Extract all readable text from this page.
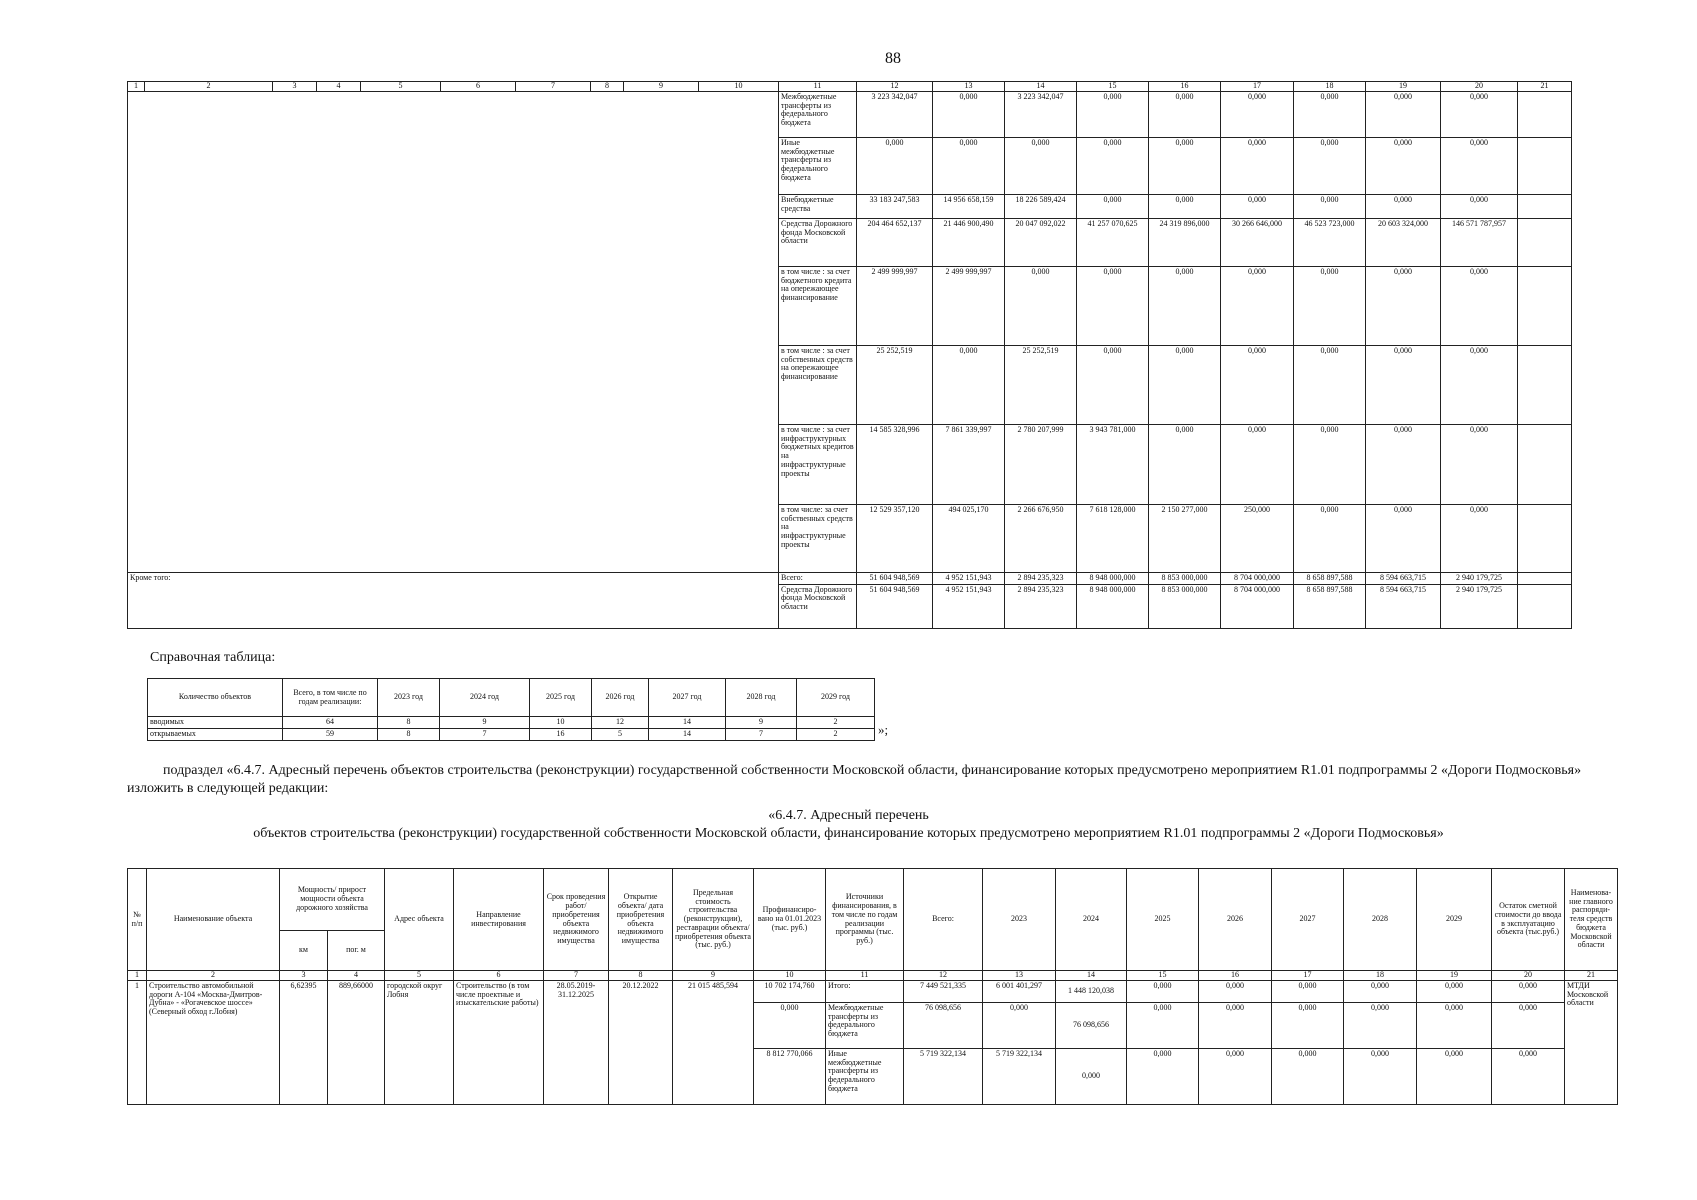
88
1	2	3	4	5	6	7	8	9	10	11	12	13	14	15	16	17	18	19	20	21
										Межбюджетные трансферты из федерального бюджета	3 223 342,047	0,000	3 223 342,047	0,000	0,000	0,000	0,000	0,000	0,000	
										Иные межбюджетные трансферты из федерального бюджета	0,000	0,000	0,000	0,000	0,000	0,000	0,000	0,000	0,000	
										Внебюджетные средства	33 183 247,583	14 956 658,159	18 226 589,424	0,000	0,000	0,000	0,000	0,000	0,000	
										Средства Дорожного фонда Московской области	204 464 652,137	21 446 900,490	20 047 092,022	41 257 070,625	24 319 896,000	30 266 646,000	46 523 723,000	20 603 324,000	146 571 787,957	
										в том числе : за счет бюджетного кредита на опережающее финансирование	2 499 999,997	2 499 999,997	0,000	0,000	0,000	0,000	0,000	0,000	0,000	
										в том числе : за счет собственных средств на опережающее финансирование	25 252,519	0,000	25 252,519	0,000	0,000	0,000	0,000	0,000	0,000	
										в том числе : за счет инфраструктурных бюджетных кредитов на инфраструктурные проекты	14 585 328,996	7 861 339,997	2 780 207,999	3 943 781,000	0,000	0,000	0,000	0,000	0,000	
										в том числе: за счет собственных средств на инфраструктурные проекты	12 529 357,120	494 025,170	2 266 676,950	7 618 128,000	2 150 277,000	250,000	0,000	0,000	0,000	
Кроме того:										Всего:	51 604 948,569	4 952 151,943	2 894 235,323	8 948 000,000	8 853 000,000	8 704 000,000	8 658 897,588	8 594 663,715	2 940 179,725	
										Средства Дорожного фонда Московской области	51 604 948,569	4 952 151,943	2 894 235,323	8 948 000,000	8 853 000,000	8 704 000,000	8 658 897,588	8 594 663,715	2 940 179,725	
Справочная таблица:
Количество объектов	Всего, в том числе по годам реализации:	2023 год	2024 год	2025 год	2026 год	2027 год	2028 год	2029 год
вводимых	64	8	9	10	12	14	9	2
открываемых	59	8	7	16	5	14	7	2	»;
подраздел «6.4.7. Адресный перечень объектов строительства (реконструкции) государственной собственности Московской области, финансирование которых предусмотрено мероприятием R1.01 подпрограммы 2 «Дороги Подмосковья»
изложить в следующей редакции:
«6.4.7. Адресный перечень
объектов строительства (реконструкции) государственной собственности Московской области, финансирование которых предусмотрено мероприятием R1.01 подпрограммы 2 «Дороги Подмосковья»
№ п/п	Наименование объекта	Мощность/ прирост мощности объекта дорожного хозяйства		Адрес объекта	Направление инвестирования	Срок проведения работ/ приобретения объекта недвижимого имущества	Открытие объекта/ дата приобретения объекта недвижимого имущества	Предельная стоимость строительства (реконструкции), реставрации объекта/ приобретения объекта (тыс. руб.)	Профинансиро-вано на 01.01.2023 (тыс. руб.)	Источники финансирования, в том числе по годам реализации программы (тыс. руб.)	Всего:	2023	2024	2025	2026	2027	2028	2029	Остаток сметной стоимости до ввода в эксплуатацию объекта (тыс.руб.)	Наименова-ние главного распоряди-теля средств бюджета Московской области
		км	пог. м																	
1	2	3	4	5	6	7	8	9	10	11	12	13	14	15	16	17	18	19	20	21
1	Строительство автомобильной дороги А-104 «Москва-Дмитров-Дубна» - «Рогачевское шоссе» (Северный обход г.Лобня)	6,62395	889,66000	городской округ Лобня	Строительство (в том числе проектные и изыскательские работы)	28.05.2019-31.12.2025	20.12.2022	21 015 485,594	10 702 174,760	Итого:	7 449 521,335	6 001 401,297	1 448 120,038	0,000	0,000	0,000	0,000	0,000	0,000	МТДИ Московской области
									0,000	Межбюджетные трансферты из федерального бюджета	76 098,656	0,000	76 098,656	0,000	0,000	0,000	0,000	0,000	0,000	
									8 812 770,066	Иные межбюджетные трансферты из федерального бюджета	5 719 322,134	5 719 322,134	0,000	0,000	0,000	0,000	0,000	0,000	0,000	
